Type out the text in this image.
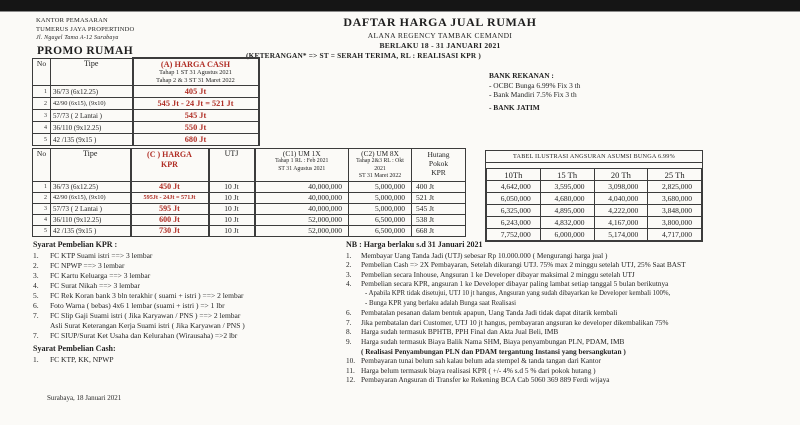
KANTOR PEMASARAN
TUMERUS JAYA PROPERTINDO
Jl. Ngagel Tama A-12 Surabaya
DAFTAR HARGA JUAL RUMAH
ALANA REGENCY TAMBAK CEMANDI
BERLAKU 18 - 31 JANUARI 2021
PROMO RUMAH	(KETERANGAN* => ST = SERAH TERIMA, RL : REALISASI KPR )
BANK REKANAN :
- OCBC Bunga 6.99% Fix 3 th
- Bank Mandiri 7.5% Fix 3 th
- BANK JATIM
No	Tipe	(A) HARGA CASH
Tahap 1 ST 31 Agustus 2021
Tahap 2 & 3 ST 31 Maret 2022

1	36/73 (6x12.25)	405 Jt
2	42/90 (6x15), (9x10)	545 Jt - 24 Jt = 521 Jt
3	57/73 ( 2 Lantai )	545 Jt
4	36/110 (9x12.25)	550 Jt
5	42 /135 (9x15 )	680 Jt
No	Tipe	(C ) HARGA
KPR
	UTJ	(C1) UM 1X
Tahap 1 RL : Feb 2021
ST 31 Agustus 2021

(C2) UM 8X
Tahap 2&3 RL : Okt 2021
ST 31 Maret 2022

Hutang
Pokok
KPR

1	36/73 (6x12.25)	450 Jt	10 Jt	40,000,000	5,000,000	400 Jt
2	42/90 (6x15), (9x10)	595Jt - 24Jt = 571Jt	10 Jt	40,000,000	5,000,000	521 Jt
3	57/73 ( 2 Lantai )	595 Jt	10 Jt	40,000,000	5,000,000	545 Jt
4	36/110 (9x12.25)	600 Jt	10 Jt	52,000,000	6,500,000	538 Jt
5	42 /135 (9x15 )	730 Jt	10 Jt	52,000,000	6,500,000	668 Jt
TABEL ILUSTRASI ANGSURAN ASUMSI BUNGA 6.99%
10Th	15 Th	20 Th	25 Th
4,642,000	3,595,000	3,098,000	2,825,000
6,050,000	4,680,000	4,040,000	3,680,000
6,325,000	4,895,000	4,222,000	3,848,000
6,243,000	4,832,000	4,167,000	3,800,000
7,752,000	6,000,000	5,174,000	4,717,000
Syarat Pembelian KPR :
1.	FC KTP Suami istri ==> 3 lembar
2.	FC NPWP ==> 3 lembar
3.	FC Kartu Keluarga ==> 3 lembar
4.	FC Surat Nikah ==> 3 lembar
5.	FC Rek Koran bank 3 bln terakhir ( suami + istri ) ==> 2 lembar
6.	Foto Warna ( bebas) 4x6 1 lembar (suami + istri ) => 1 lbr
7.	FC Slip Gaji Suami istri ( Jika Karyawan / PNS ) ==> 2 lembar
Asli Surat Keterangan Kerja Suami istri ( Jika Karyawan / PNS )
7.	FC SIUP/Surat Ket Usaha dan Kelurahan (Wirausaha) =>2 lbr
Syarat Pembelian Cash:
1.	FC KTP, KK, NPWP
NB : Harga berlaku s.d 31 Januari 2021
1.	Membayar Uang Tanda Jadi (UTJ) sebesar Rp 10.000.000 ( Mengurangi harga jual )
2.	Pembelian Cash => 2X Pembayaran, Setelah dikurangi UTJ. 75% max 2 minggu setelah UTJ, 25% Saat BAST
3.	Pembelian secara Inhouse, Angsuran 1 ke Developer dibayar maksimal 2 minggu setelah UTJ
4.	Pembelian secara KPR, angsuran 1 ke Developer dibayar paling lambat setiap tanggal 5 bulan berikutnya
- Apabila KPR tidak disetujui, UTJ 10 jt hangus, Angsuran yang sudah dibayarkan ke Developer kembali 100%,
- Bunga KPR yang berlaku adalah Bunga saat Realisasi
6.	Pembatalan pesanan dalam bentuk apapun, Uang Tanda Jadi tidak dapat ditarik kembali
7.	Jika pembatalan dari Customer, UTJ 10 jt hangus, pembayaran angsuran ke developer dikembalikan 75%
8.	Harga sudah termasuk BPHTB, PPH Final dan Akta Jual Beli, IMB
9.	Harga sudah termasuk Biaya Balik Nama SHM, Biaya penyambungan PLN, PDAM, IMB
( Realisasi Penyambungan PLN dan PDAM tergantung Instansi yang bersangkutan )
10. Pembayaran tunai belum sah kalau belum ada stempel & tanda tangan dari Kantor
11. Harga belum termasuk biaya realisasi KPR ( +/- 4% s.d 5 % dari pokok hutang )
12. Pembayaran Angsuran di Transfer ke Rekening BCA Cab 5060 369 889 Ferdi wijaya
Surabaya, 18 Januari 2021
